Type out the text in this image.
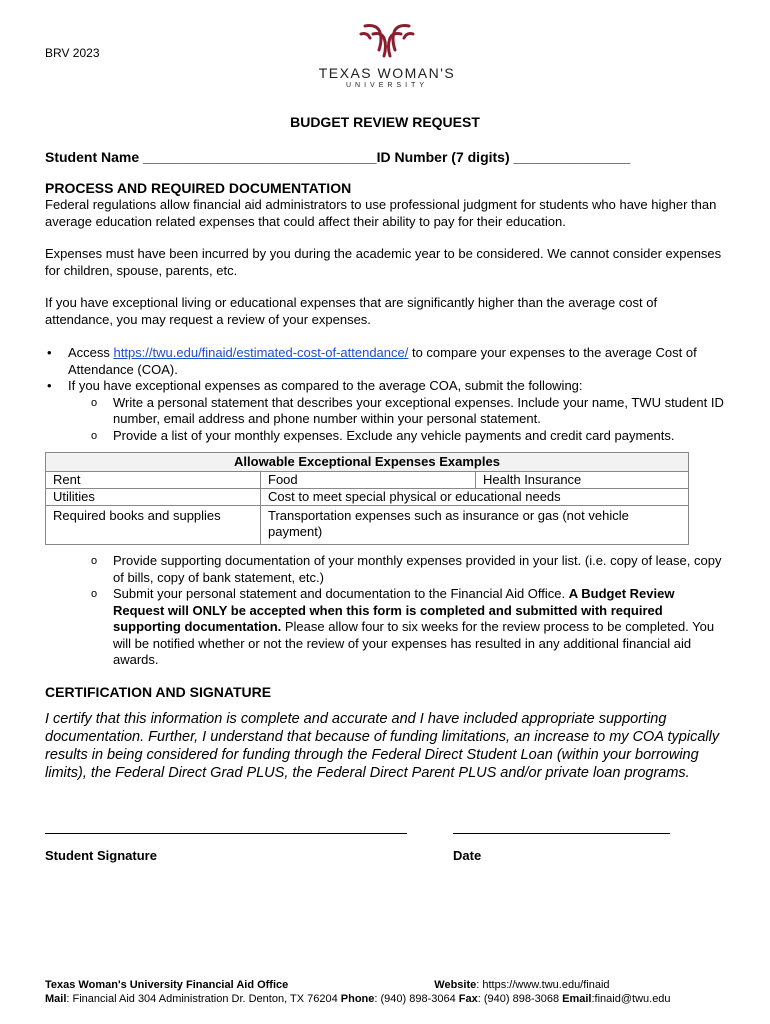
BRV 2023
TEXAS WOMAN'S
UNIVERSITY
BUDGET REVIEW REQUEST
Student Name ______________________________ID Number (7 digits) _______________
PROCESS AND REQUIRED DOCUMENTATION

Federal regulations allow financial aid administrators to use professional judgment for students who have higher than average education related expenses that could affect their ability to pay for their education.

Expenses must have been incurred by you during the academic year to be considered. We cannot consider expenses for children, spouse, parents, etc.

If you have exceptional living or educational expenses that are significantly higher than the average cost of attendance, you may request a review of your expenses.

• Access https://twu.edu/finaid/estimated-cost-of-attendance/ to compare your expenses to the average Cost of Attendance (COA).
• If you have exceptional expenses as compared to the average COA, submit the following:
o Write a personal statement that describes your exceptional expenses. Include your name, TWU student ID number, email address and phone number within your personal statement.
o Provide a list of your monthly expenses. Exclude any vehicle payments and credit card payments.
Allowable Exceptional Expenses Examples		
Rent	Food	Health Insurance
Utilities	Cost to meet special physical or educational needs	
Required books and supplies	Transportation expenses such as insurance or gas (not vehicle payment)	
o Provide supporting documentation of your monthly expenses provided in your list. (i.e. copy of lease, copy of bills, copy of bank statement, etc.)
o Submit your personal statement and documentation to the Financial Aid Office. A Budget Review Request will ONLY be accepted when this form is completed and submitted with required supporting documentation. Please allow four to six weeks for the review process to be completed. You will be notified whether or not the review of your expenses has resulted in any additional financial aid awards.
CERTIFICATION AND SIGNATURE

I certify that this information is complete and accurate and I have included appropriate supporting documentation. Further, I understand that because of funding limitations, an increase to my COA typically results in being considered for funding through the Federal Direct Student Loan (within your borrowing limits), the Federal Direct Grad PLUS, the Federal Direct Parent PLUS and/or private loan programs.

Student Signature	Date
Texas Woman's University Financial Aid Office	Website: https://www.twu.edu/finaid
Mail: Financial Aid 304 Administration Dr. Denton, TX 76204 Phone: (940) 898-3064 Fax: (940) 898-3068 Email:finaid@twu.edu
